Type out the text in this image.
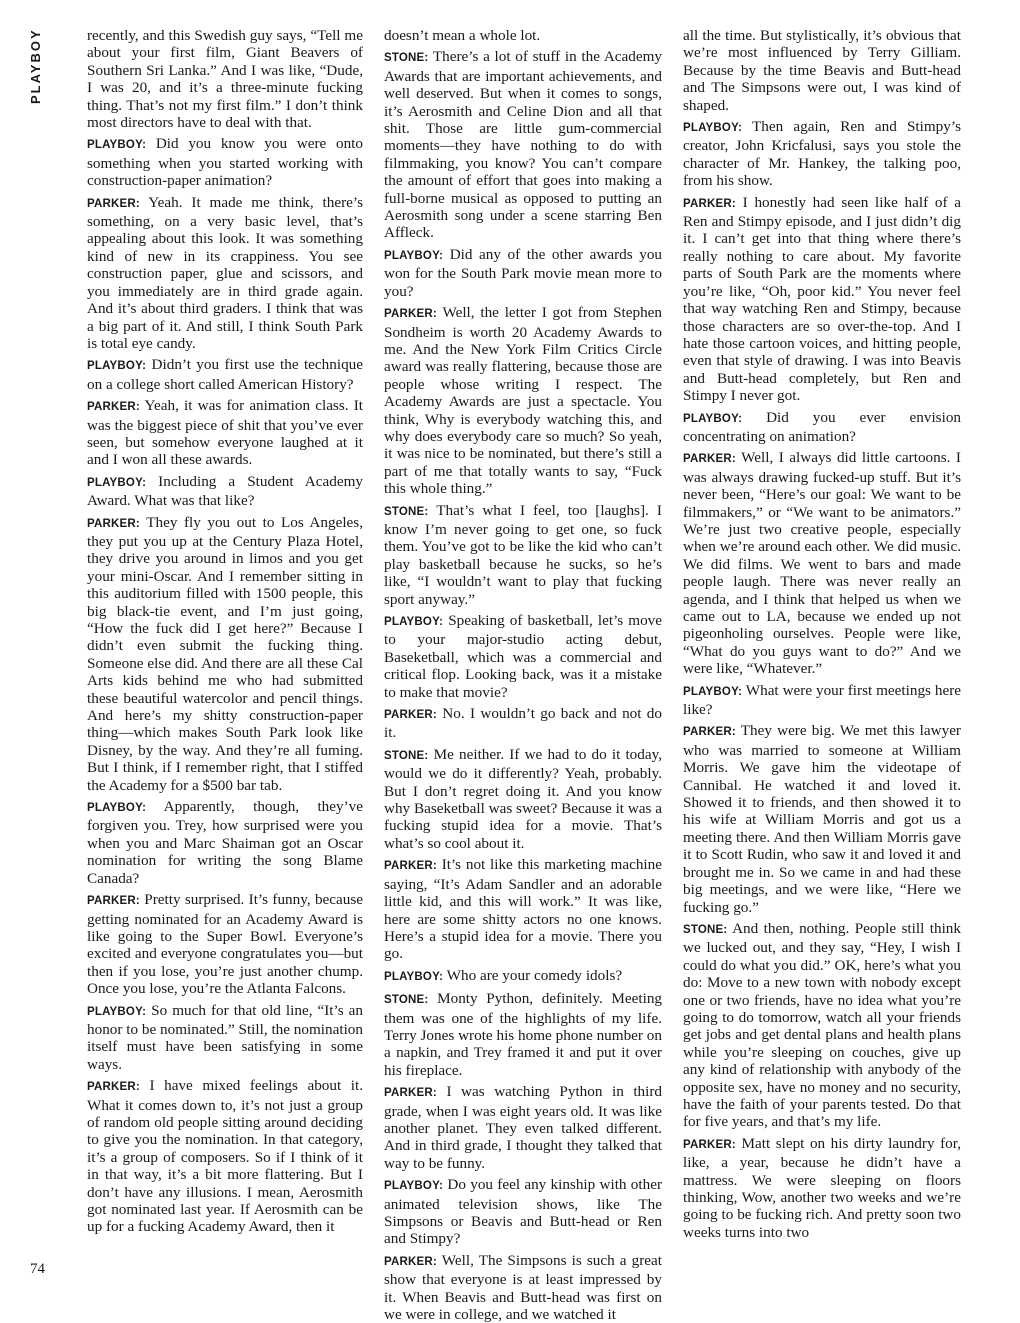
PLAYBOY	recently, and this Swedish guy says, “Tell me about your first film, Giant Beavers of Southern Sri Lanka.” And I was like, “Dude, I was 20, and it’s a three-minute fucking thing. That’s not my first film.” I don’t think most directors have to deal with that.

PLAYBOY: Did you know you were onto something when you started working with construction-paper animation?

PARKER: Yeah. It made me think, there’s something, on a very basic level, that’s appealing about this look. It was something kind of new in its crappiness. You see construction paper, glue and scissors, and you immediately are in third grade again. And it’s about third graders. I think that was a big part of it. And still, I think South Park is total eye candy.

PLAYBOY: Didn’t you first use the technique on a college short called American History?

PARKER: Yeah, it was for animation class. It was the biggest piece of shit that you’ve ever seen, but somehow everyone laughed at it and I won all these awards.

PLAYBOY: Including a Student Academy Award. What was that like?

PARKER: They fly you out to Los Angeles, they put you up at the Century Plaza Hotel, they drive you around in limos and you get your mini-Oscar. And I remember sitting in this auditorium filled with 1500 people, this big black-tie event, and I’m just going, “How the fuck did I get here?” Because I didn’t even submit the fucking thing. Someone else did. And there are all these Cal Arts kids behind me who had submitted these beautiful watercolor and pencil things. And here’s my shitty construction-paper thing—which makes South Park look like Disney, by the way. And they’re all fuming. But I think, if I remember right, that I stiffed the Academy for a $500 bar tab.

PLAYBOY: Apparently, though, they’ve forgiven you. Trey, how surprised were you when you and Marc Shaiman got an Oscar nomination for writing the song Blame Canada?

PARKER: Pretty surprised. It’s funny, because getting nominated for an Academy Award is like going to the Super Bowl. Everyone’s excited and everyone congratulates you—but then if you lose, you’re just another chump. Once you lose, you’re the Atlanta Falcons.

PLAYBOY: So much for that old line, “It’s an honor to be nominated.” Still, the nomination itself must have been satisfying in some ways.

PARKER: I have mixed feelings about it. What it comes down to, it’s not just a group of random old people sitting around deciding to give you the nomination. In that category, it’s a group of composers. So if I think of it in that way, it’s a bit more flattering. But I don’t have any illusions. I mean, Aerosmith got nominated last year. If Aerosmith can be up for a fucking Academy Award, then it

doesn’t mean a whole lot.

STONE: There’s a lot of stuff in the Academy Awards that are important achievements, and well deserved. But when it comes to songs, it’s Aerosmith and Celine Dion and all that shit. Those are little gum-commercial moments—they have nothing to do with filmmaking, you know? You can’t compare the amount of effort that goes into making a full-borne musical as opposed to putting an Aerosmith song under a scene starring Ben Affleck.

PLAYBOY: Did any of the other awards you won for the South Park movie mean more to you?

PARKER: Well, the letter I got from Stephen Sondheim is worth 20 Academy Awards to me. And the New York Film Critics Circle award was really flattering, because those are people whose writing I respect. The Academy Awards are just a spectacle. You think, Why is everybody watching this, and why does everybody care so much? So yeah, it was nice to be nominated, but there’s still a part of me that totally wants to say, “Fuck this whole thing.”

STONE: That’s what I feel, too [laughs]. I know I’m never going to get one, so fuck them. You’ve got to be like the kid who can’t play basketball because he sucks, so he’s like, “I wouldn’t want to play that fucking sport anyway.”

PLAYBOY: Speaking of basketball, let’s move to your major-studio acting debut, Baseketball, which was a commercial and critical flop. Looking back, was it a mistake to make that movie?

PARKER: No. I wouldn’t go back and not do it.

STONE: Me neither. If we had to do it today, would we do it differently? Yeah, probably. But I don’t regret doing it. And you know why Baseketball was sweet? Because it was a fucking stupid idea for a movie. That’s what’s so cool about it.

PARKER: It’s not like this marketing machine saying, “It’s Adam Sandler and an adorable little kid, and this will work.” It was like, here are some shitty actors no one knows. Here’s a stupid idea for a movie. There you go.

PLAYBOY: Who are your comedy idols?

STONE: Monty Python, definitely. Meeting them was one of the highlights of my life. Terry Jones wrote his home phone number on a napkin, and Trey framed it and put it over his fireplace.

PARKER: I was watching Python in third grade, when I was eight years old. It was like another planet. They even talked different. And in third grade, I thought they talked that way to be funny.

PLAYBOY: Do you feel any kinship with other animated television shows, like The Simpsons or Beavis and Butt-head or Ren and Stimpy?

PARKER: Well, The Simpsons is such a great show that everyone is at least impressed by it. When Beavis and Butt-head was first on we were in college, and we watched it

all the time. But stylistically, it’s obvious that we’re most influenced by Terry Gilliam. Because by the time Beavis and Butt-head and The Simpsons were out, I was kind of shaped.

PLAYBOY: Then again, Ren and Stimpy’s creator, John Kricfalusi, says you stole the character of Mr. Hankey, the talking poo, from his show.

PARKER: I honestly had seen like half of a Ren and Stimpy episode, and I just didn’t dig it. I can’t get into that thing where there’s really nothing to care about. My favorite parts of South Park are the moments where you’re like, “Oh, poor kid.” You never feel that way watching Ren and Stimpy, because those characters are so over-the-top. And I hate those cartoon voices, and hitting people, even that style of drawing. I was into Beavis and Butt-head completely, but Ren and Stimpy I never got.

PLAYBOY: Did you ever envision concentrating on animation?

PARKER: Well, I always did little cartoons. I was always drawing fucked-up stuff. But it’s never been, “Here’s our goal: We want to be filmmakers,” or “We want to be animators.” We’re just two creative people, especially when we’re around each other. We did music. We did films. We went to bars and made people laugh. There was never really an agenda, and I think that helped us when we came out to LA, because we ended up not pigeonholing ourselves. People were like, “What do you guys want to do?” And we were like, “Whatever.”

PLAYBOY: What were your first meetings here like?

PARKER: They were big. We met this lawyer who was married to someone at William Morris. We gave him the videotape of Cannibal. He watched it and loved it. Showed it to friends, and then showed it to his wife at William Morris and got us a meeting there. And then William Morris gave it to Scott Rudin, who saw it and loved it and brought me in. So we came in and had these big meetings, and we were like, “Here we fucking go.”

STONE: And then, nothing. People still think we lucked out, and they say, “Hey, I wish I could do what you did.” OK, here’s what you do: Move to a new town with nobody except one or two friends, have no idea what you’re going to do tomorrow, watch all your friends get jobs and get dental plans and health plans while you’re sleeping on couches, give up any kind of relationship with anybody of the opposite sex, have no money and no security, have the faith of your parents tested. Do that for five years, and that’s my life.

PARKER: Matt slept on his dirty laundry for, like, a year, because he didn’t have a mattress. We were sleeping on floors thinking, Wow, another two weeks and we’re going to be fucking rich. And pretty soon two weeks turns into two

74
